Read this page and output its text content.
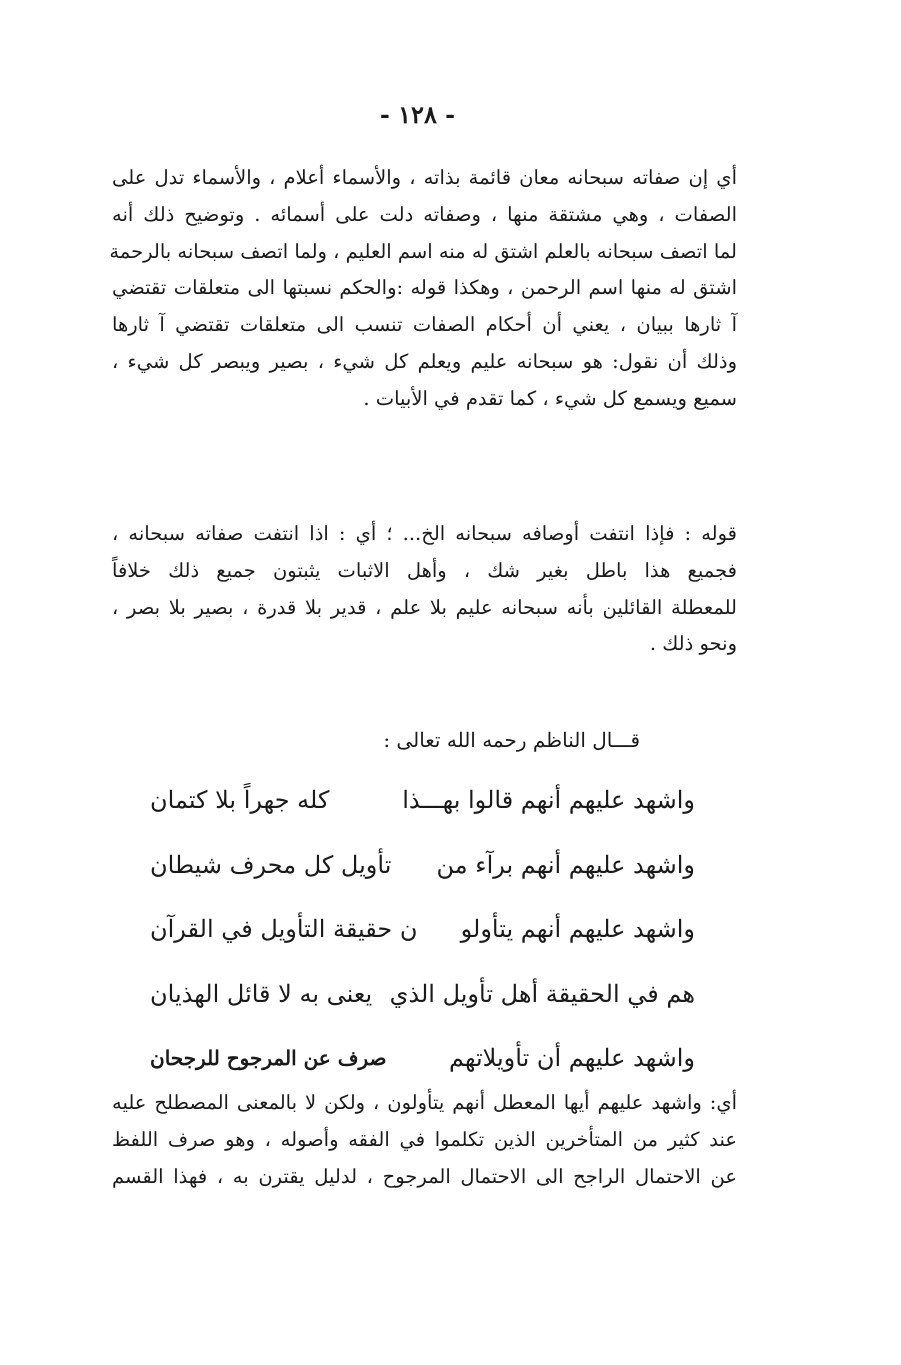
- ١٢٨ -
أي إن صفاته سبحانه معان قائمة بذاته ، والأسماء أعلام ، والأسماء تدل على
الصفات ، وهي مشتقة منها ، وصفاته دلت على أسمائه . وتوضيح ذلك أنه
لما اتصف سبحانه بالعلم اشتق له منه اسم العليم ، ولما اتصف سبحانه بالرحمة
اشتق له منها اسم الرحمن ، وهكذا قوله :والحكم نسبتها الى متعلقات تقتضي
آ ثارها ببيان ، يعني أن أحكام الصفات تنسب الى متعلقات تقتضي آ ثارها
وذلك أن نقول: هو سبحانه عليم ويعلم كل شيء ، بصير ويبصر كل شيء ،
سميع ويسمع كل شيء ، كما تقدم في الأبيات .
قوله : فإذا انتفت أوصافه سبحانه الخ... ؛ أي : اذا انتفت صفاته سبحانه ،
فجميع هذا باطل بغير شك ، وأهل الاثبات يثبتون جميع ذلك خلافاً
للمعطلة القائلين بأنه سبحانه عليم بلا علم ، قدير بلا قدرة ، بصير بلا بصر ،
ونحو ذلك .
قـــال الناظم رحمه الله تعالى :
واشهد عليهم أنهم قالوا بهـــذا
كله جهراً بلا كتمان
واشهد عليهم أنهم برآء من
تأويل كل محرف شيطان
واشهد عليهم أنهم يتأولو
ن حقيقة التأويل في القرآن
هم في الحقيقة أهل تأويل الذي
يعنى به لا قائل الهذيان
واشهد عليهم أن تأويلاتهم
صرف عن المرجوح للرجحان
أي: واشهد عليهم أيها المعطل أنهم يتأولون ، ولكن لا بالمعنى المصطلح عليه
عند كثير من المتأخرين الذين تكلموا في الفقه وأصوله ، وهو صرف اللفظ
عن الاحتمال الراجح الى الاحتمال المرجوح ، لدليل يقترن به ، فهذا القسم
